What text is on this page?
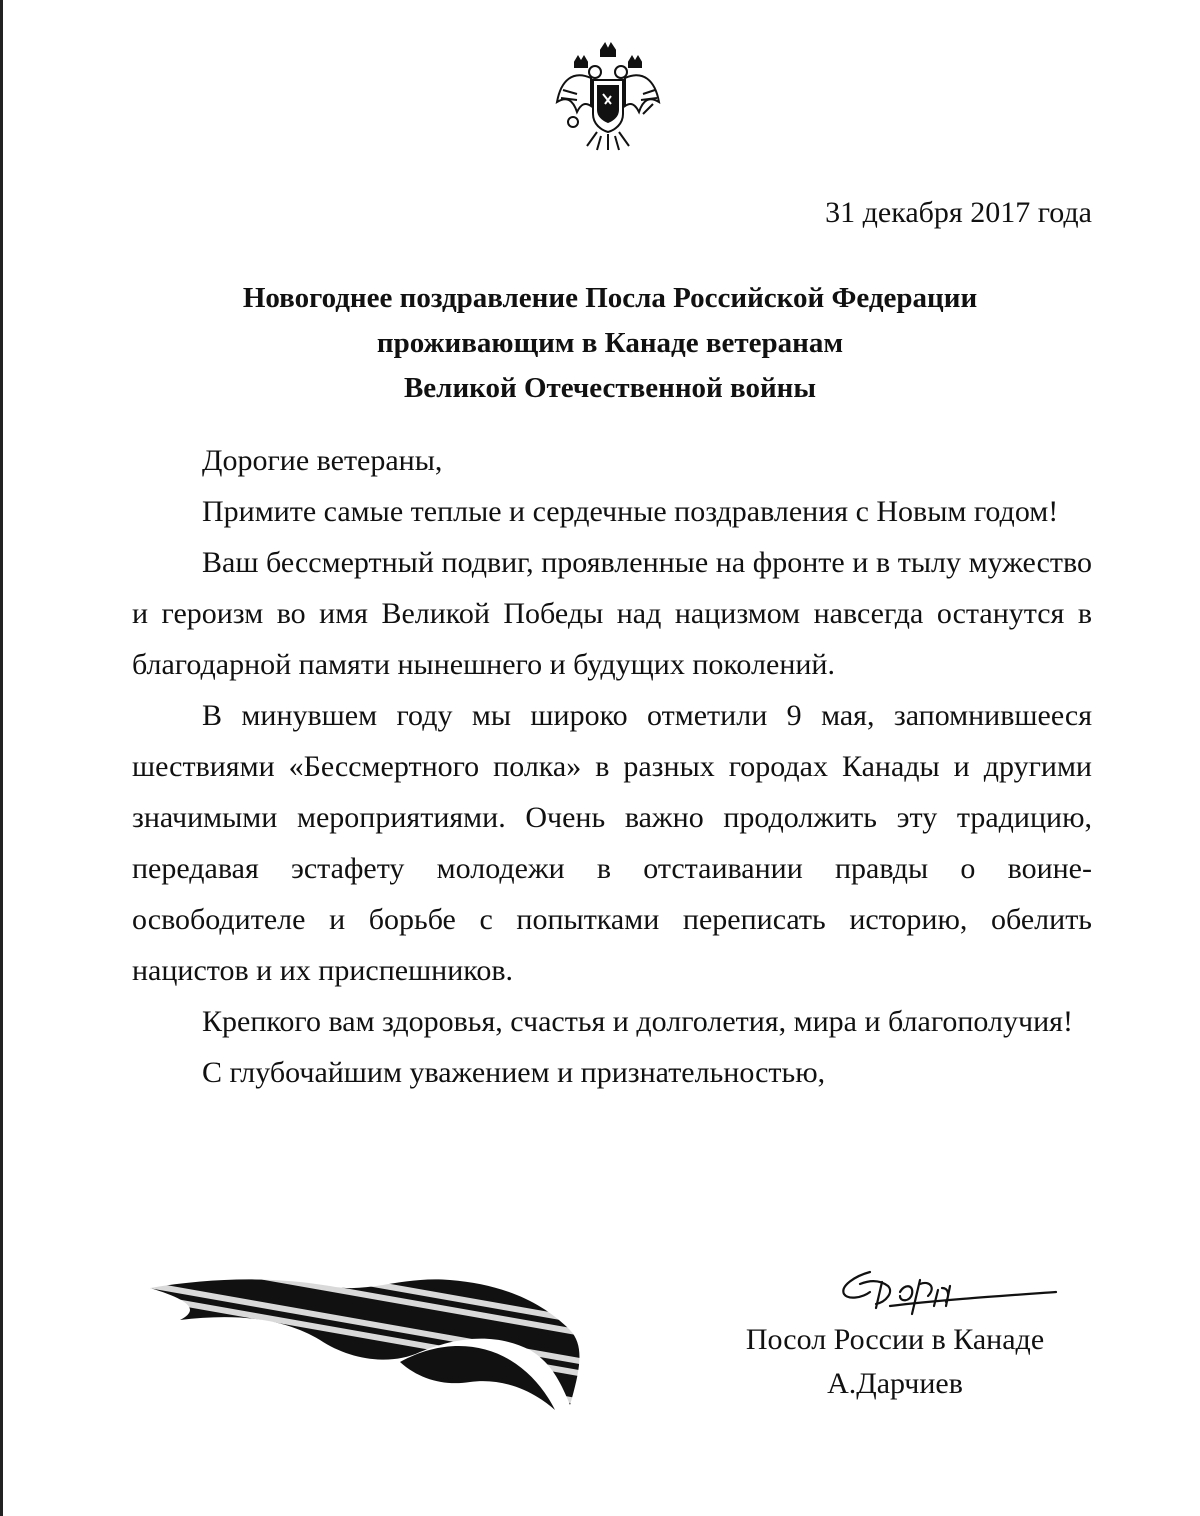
31 декабря 2017 года
Новогоднее поздравление Посла Российской Федерации
проживающим в Канаде ветеранам
Великой Отечественной войны

Дорогие ветераны,

Примите самые теплые и сердечные поздравления с Новым годом!

Ваш бессмертный подвиг, проявленные на фронте и в тылу мужество и героизм во имя Великой Победы над нацизмом навсегда останутся в благодарной памяти нынешнего и будущих поколений.

В минувшем году мы широко отметили 9 мая, запомнившееся шествиями «Бессмертного полка» в разных городах Канады и другими значимыми мероприятиями. Очень важно продолжить эту традицию, передавая эстафету молодежи в отстаивании правды о воине-освободителе и борьбе с попытками переписать историю, обелить нацистов и их приспешников.

Крепкого вам здоровья, счастья и долголетия, мира и благополучия!

С глубочайшим уважением и признательностью,

Посол России в Канаде
А.Дарчиев
